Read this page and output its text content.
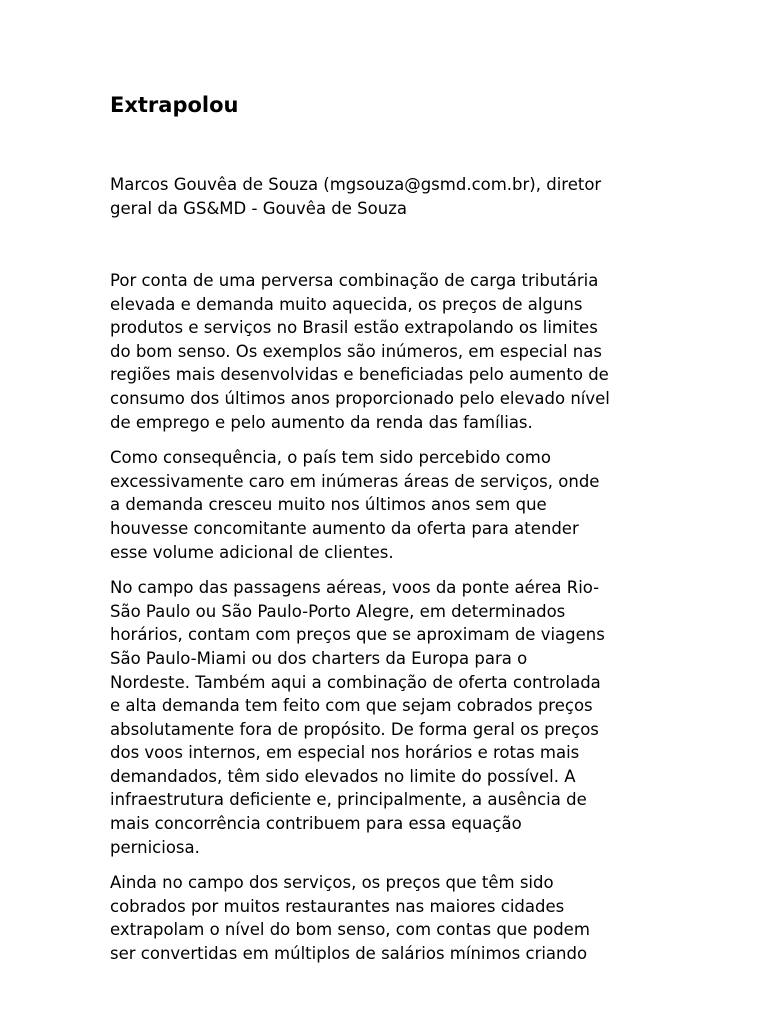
Extrapolou

Marcos Gouvêa de Souza (mgsouza@gsmd.com.br), diretor
geral da GS&MD - Gouvêa de Souza

Por conta de uma perversa combinação de carga tributária
elevada e demanda muito aquecida, os preços de alguns
produtos e serviços no Brasil estão extrapolando os limites
do bom senso. Os exemplos são inúmeros, em especial nas
regiões mais desenvolvidas e beneficiadas pelo aumento de
consumo dos últimos anos proporcionado pelo elevado nível
de emprego e pelo aumento da renda das famílias.

Como consequência, o país tem sido percebido como
excessivamente caro em inúmeras áreas de serviços, onde
a demanda cresceu muito nos últimos anos sem que
houvesse concomitante aumento da oferta para atender
esse volume adicional de clientes.

No campo das passagens aéreas, voos da ponte aérea Rio-
São Paulo ou São Paulo-Porto Alegre, em determinados
horários, contam com preços que se aproximam de viagens
São Paulo-Miami ou dos charters da Europa para o
Nordeste. Também aqui a combinação de oferta controlada
e alta demanda tem feito com que sejam cobrados preços
absolutamente fora de propósito. De forma geral os preços
dos voos internos, em especial nos horários e rotas mais
demandados, têm sido elevados no limite do possível. A
infraestrutura deficiente e, principalmente, a ausência de
mais concorrência contribuem para essa equação
perniciosa.

Ainda no campo dos serviços, os preços que têm sido
cobrados por muitos restaurantes nas maiores cidades
extrapolam o nível do bom senso, com contas que podem
ser convertidas em múltiplos de salários mínimos criando
